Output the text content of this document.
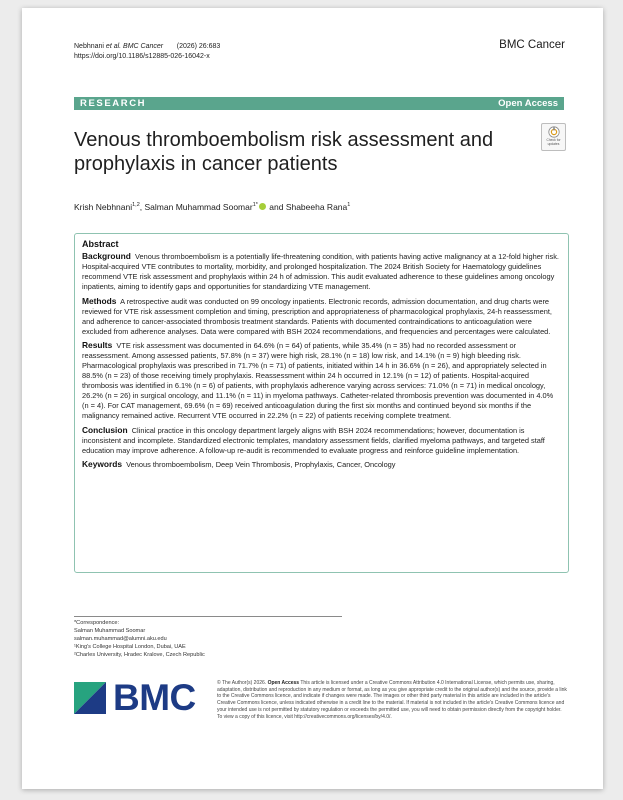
Nebhnani et al. BMC Cancer (2026) 26:683
https://doi.org/10.1186/s12885-026-16042-x
BMC Cancer
RESEARCH	Open Access
Check for updates
Venous thromboembolism risk assessment and prophylaxis in cancer patients
Krish Nebhnani$^{1,2}$, Salman Muhammad Soomar$^{1*}$ and Shabeeha Rana$^1$
Abstract

Background Venous thromboembolism is a potentially life-threatening condition, with patients having active malignancy at a 12-fold higher risk. Hospital-acquired VTE contributes to mortality, morbidity, and prolonged hospitalization. The 2024 British Society for Haematology guidelines recommend VTE risk assessment and prophylaxis within 24 h of admission. This audit evaluated adherence to these guidelines among oncology inpatients, aiming to identify gaps and opportunities for standardizing VTE management.

Methods A retrospective audit was conducted on 99 oncology inpatients. Electronic records, admission documentation, and drug charts were reviewed for VTE risk assessment completion and timing, prescription and appropriateness of pharmacological prophylaxis, 24-h reassessment, and adherence to cancer-associated thrombosis treatment standards. Patients with documented contraindications to anticoagulation were excluded from adherence analyses. Data were compared with BSH 2024 recommendations, and frequencies and percentages were calculated.

Results VTE risk assessment was documented in 64.6% (n = 64) of patients, while 35.4% (n = 35) had no recorded assessment or reassessment. Among assessed patients, 57.8% (n = 37) were high risk, 28.1% (n = 18) low risk, and 14.1% (n = 9) high bleeding risk. Pharmacological prophylaxis was prescribed in 71.7% (n = 71) of patients, initiated within 14 h in 36.6% (n = 26), and appropriately selected in 88.5% (n = 23) of those receiving timely prophylaxis. Reassessment within 24 h occurred in 12.1% (n = 12) of patients. Hospital-acquired thrombosis was identified in 6.1% (n = 6) of patients, with prophylaxis adherence varying across services: 71.0% (n = 71) in medical oncology, 26.2% (n = 26) in surgical oncology, and 11.1% (n = 11) in myeloma pathways. Catheter-related thrombosis prevention was documented in 4.0% (n = 4). For CAT management, 69.6% (n = 69) received anticoagulation during the first six months and continued beyond six months if the malignancy remained active. Recurrent VTE occurred in 22.2% (n = 22) of patients receiving complete treatment.

Conclusion Clinical practice in this oncology department largely aligns with BSH 2024 recommendations; however, documentation is inconsistent and incomplete. Standardized electronic templates, mandatory assessment fields, clarified myeloma pathways, and targeted staff education may improve adherence. A follow-up re-audit is recommended to evaluate progress and reinforce guideline implementation.

Keywords Venous thromboembolism, Deep Vein Thrombosis, Prophylaxis, Cancer, Oncology

*Correspondence:
Salman Muhammad Soomar
salman.muhammad@alumni.aku.edu
¹King's College Hospital London, Dubai, UAE
²Charles University, Hradec Kralove, Czech Republic
BMC	© The Author(s) 2026. Open Access This article is licensed under a Creative Commons Attribution 4.0 International License, which permits use, sharing, adaptation, distribution and reproduction in any medium or format, as long as you give appropriate credit to the original author(s) and the source, provide a link to the Creative Commons licence, and indicate if changes were made. The images or other third party material in this article are included in the article's Creative Commons licence, unless indicated otherwise in a credit line to the material. If material is not included in the article's Creative Commons licence and your intended use is not permitted by statutory regulation or exceeds the permitted use, you will need to obtain permission directly from the copyright holder. To view a copy of this licence, visit http://creativecommons.org/licenses/by/4.0/.
